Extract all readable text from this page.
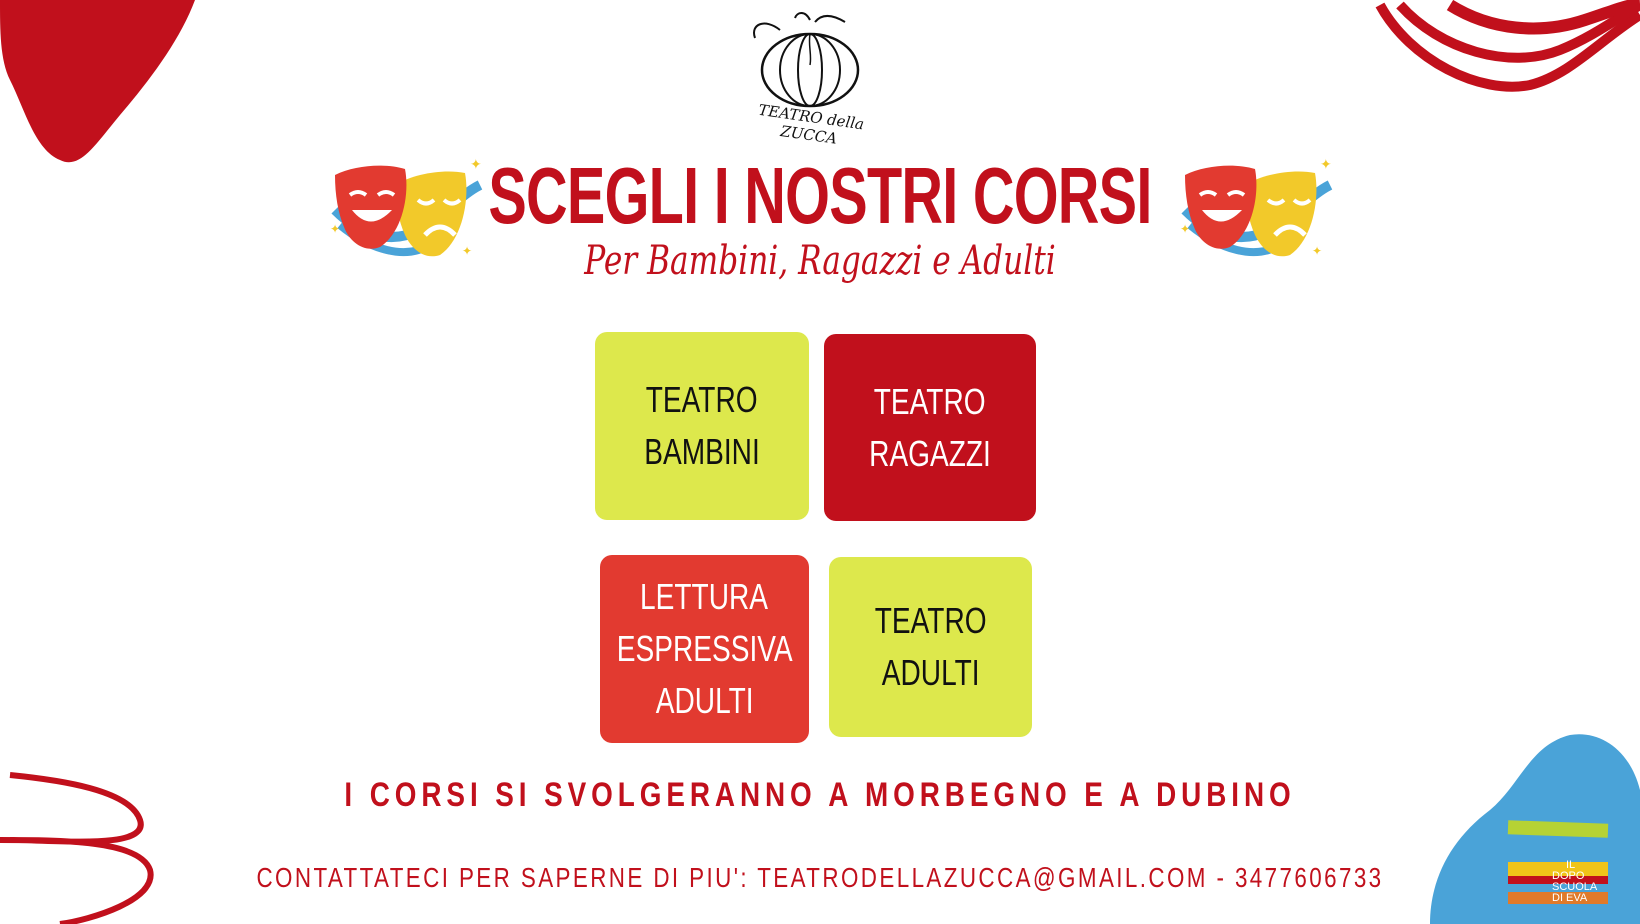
IL
DOPO
SCUOLA
DI EVA
TEATRO della ZUCCA
✦
✦
✦
✦
✦
✦
SCEGLI I NOSTRI CORSI
Per Bambini, Ragazzi e Adulti
TEATRO
BAMBINI
TEATRO
RAGAZZI
LETTURA
ESPRESSIVA
ADULTI
TEATRO
ADULTI
I CORSI SI SVOLGERANNO A MORBEGNO E A DUBINO
CONTATTATECI PER SAPERNE DI PIU': TEATRODELLAZUCCA@GMAIL.COM - 3477606733
